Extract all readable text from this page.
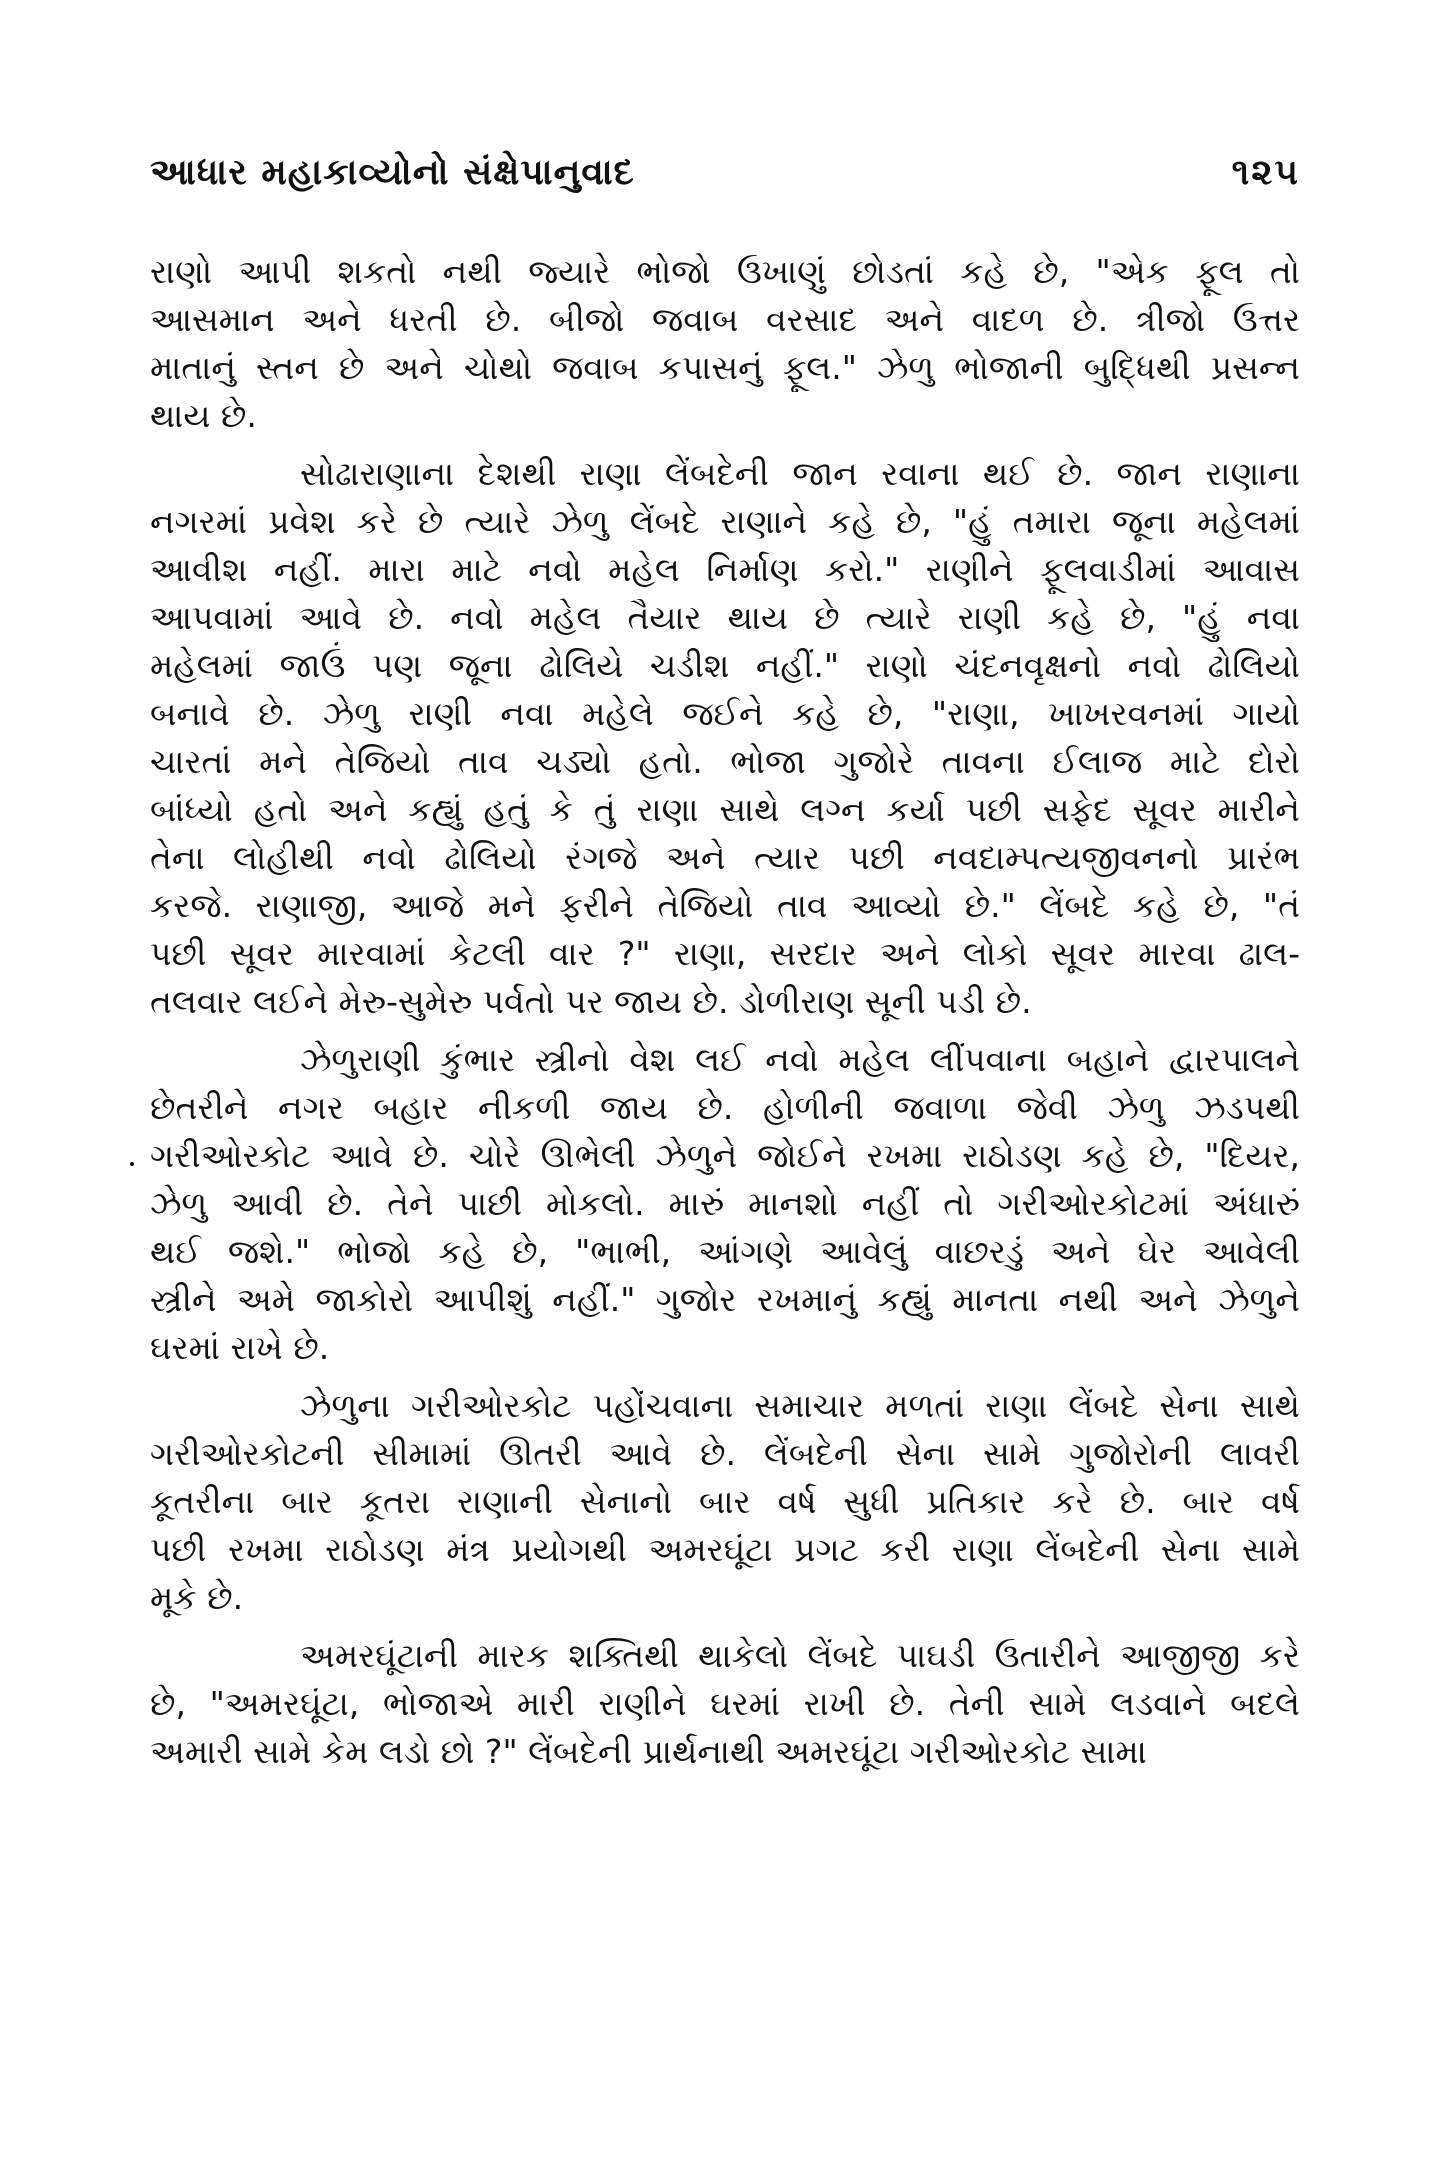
આધાર મહાકાવ્યોનો સંક્ષેપાનુવાદ	૧૨૫
રાણો આપી શકતો નથી જ્યારે ભોજો ઉખાણું છોડતાં કહે છે, "એક ફૂલ તો
આસમાન અને ધરતી છે. બીજો જવાબ વરસાદ અને વાદળ છે. ત્રીજો ઉત્તર
માતાનું સ્તન છે અને ચોથો જવાબ કપાસનું ફૂલ." ઝેળુ ભોજાની બુદ્ધિથી પ્રસન્ન
થાય છે.
સોઢારાણાના દેશથી રાણા લેંબદેની જાન રવાના થઈ છે. જાન રાણાના
નગરમાં પ્રવેશ કરે છે ત્યારે ઝેળુ લેંબદે રાણાને કહે છે, "હું તમારા જૂના મહેલમાં
આવીશ નહીં. મારા માટે નવો મહેલ નિર્માણ કરો." રાણીને ફૂલવાડીમાં આવાસ
આપવામાં આવે છે. નવો મહેલ તૈયાર થાય છે ત્યારે રાણી કહે છે, "હું નવા
મહેલમાં જાઉં પણ જૂના ઢોલિયે ચડીશ નહીં." રાણો ચંદનવૃક્ષનો નવો ઢોલિયો
બનાવે છે. ઝેળુ રાણી નવા મહેલે જઈને કહે છે, "રાણા, ખાખરવનમાં ગાયો
ચારતાં મને તેજિયો તાવ ચડ્યો હતો. ભોજા ગુજોરે તાવના ઈલાજ માટે દોરો
બાંધ્યો હતો અને કહ્યું હતું કે તું રાણા સાથે લગ્ન કર્યા પછી સફેદ સૂવર મારીને
તેના લોહીથી નવો ઢોલિયો રંગજે અને ત્યાર પછી નવદામ્પત્યજીવનનો પ્રારંભ
કરજે. રાણાજી, આજે મને ફરીને તેજિયો તાવ આવ્યો છે." લેંબદે કહે છે, "તં
પછી સૂવર મારવામાં કેટલી વાર ?" રાણા, સરદાર અને લોકો સૂવર મારવા ઢાલ-
તલવાર લઈને મેરુ-સુમેરુ પર્વતો પર જાય છે. ડોળીરાણ સૂની પડી છે.
ઝેળુરાણી કુંભાર સ્ત્રીનો વેશ લઈ નવો મહેલ લીંપવાના બહાને દ્વારપાલને
છેતરીને નગર બહાર નીકળી જાય છે. હોળીની જવાળા જેવી ઝેળુ ઝડપથી
ગરીઓરકોટ આવે છે. ચોરે ઊભેલી ઝેળુને જોઈને રખમા રાઠોડણ કહે છે, "દિયર,
ઝેળુ આવી છે. તેને પાછી મોકલો. મારું માનશો નહીં તો ગરીઓરકોટમાં અંધારું
થઈ જશે." ભોજો કહે છે, "ભાભી, આંગણે આવેલું વાછરડું અને ઘેર આવેલી
સ્ત્રીને અમે જાકોરો આપીશું નહીં." ગુજોર રખમાનું કહ્યું માનતા નથી અને ઝેળુને
ઘરમાં રાખે છે.
ઝેળુના ગરીઓરકોટ પહોંચવાના સમાચાર મળતાં રાણા લેંબદે સેના સાથે
ગરીઓરકોટની સીમામાં ઊતરી આવે છે. લેંબદેની સેના સામે ગુજોરોની લાવરી
કૂતરીના બાર કૂતરા રાણાની સેનાનો બાર વર્ષ સુધી પ્રતિકાર કરે છે. બાર વર્ષ
પછી રખમા રાઠોડણ મંત્ર પ્રયોગથી અમરઘૂંટા પ્રગટ કરી રાણા લેંબદેની સેના સામે
મૂકે છે.
અમરઘૂંટાની મારક શક્તિથી થાકેલો લેંબદે પાઘડી ઉતારીને આજીજી કરે
છે, "અમરઘૂંટા, ભોજાએ મારી રાણીને ઘરમાં રાખી છે. તેની સામે લડવાને બદલે
અમારી સામે કેમ લડો છો ?" લેંબદેની પ્રાર્થનાથી અમરઘૂંટા ગરીઓરકોટ સામા
